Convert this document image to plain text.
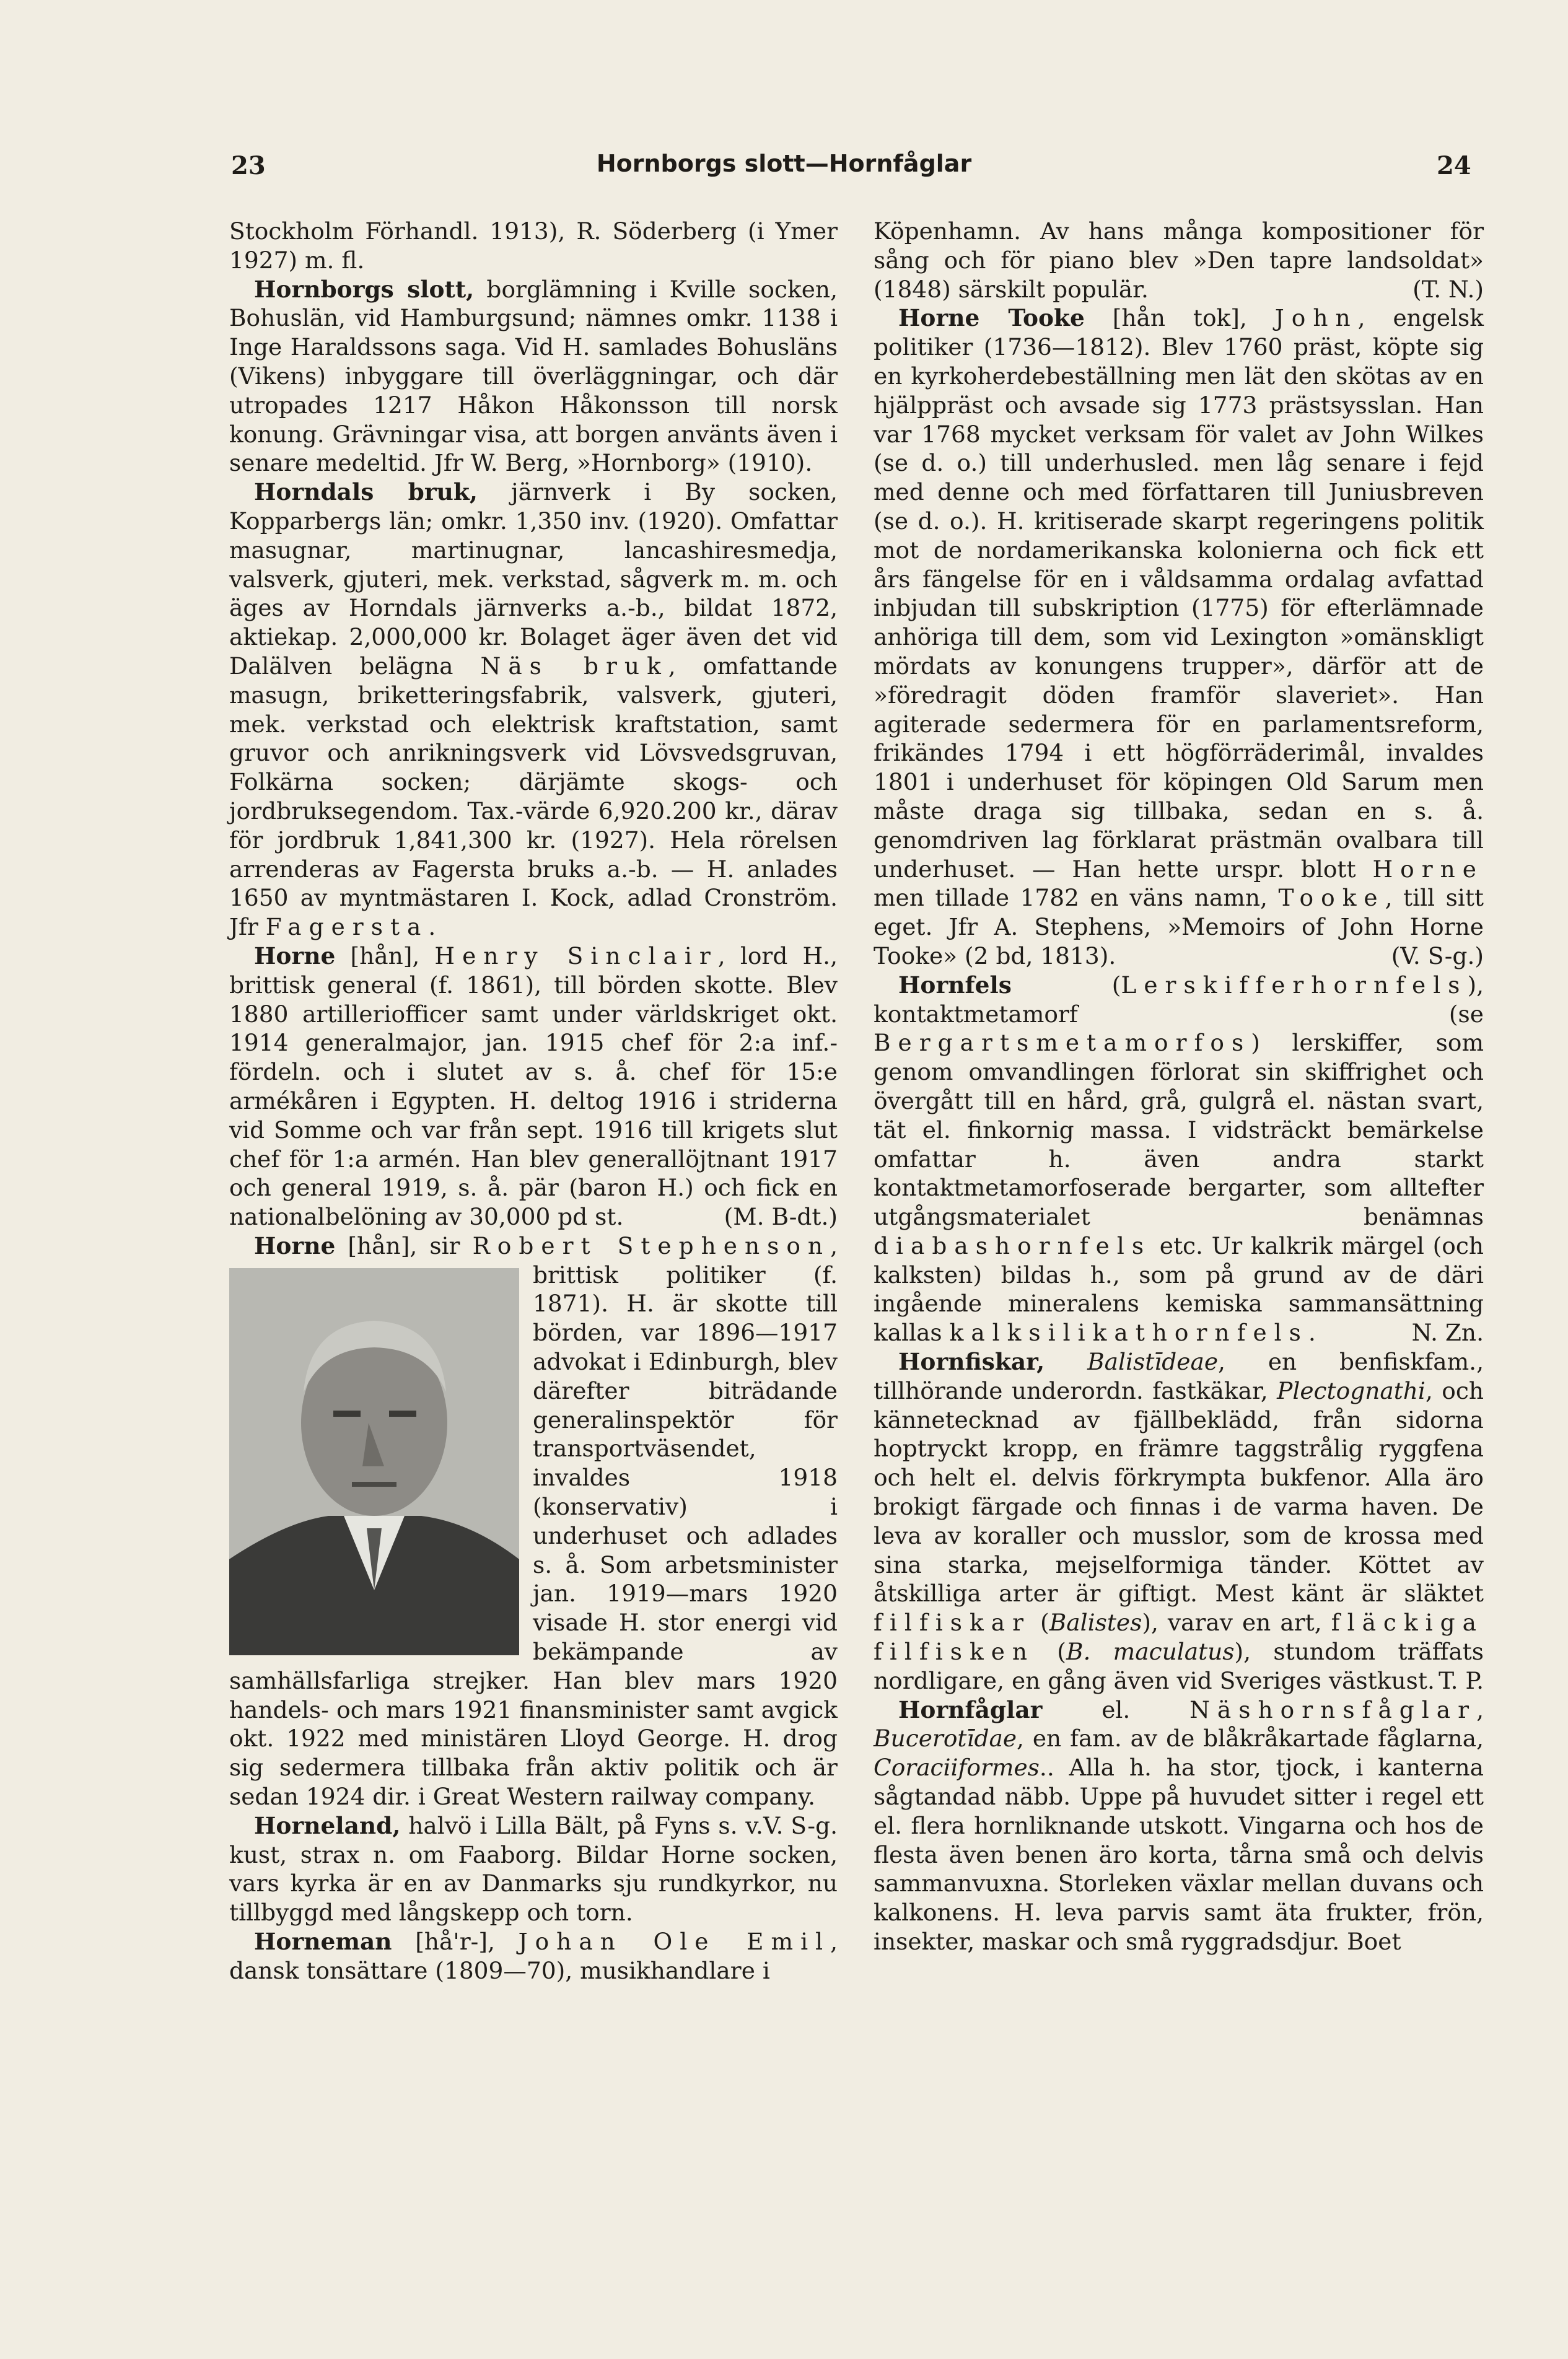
23	Hornborgs slott—Hornfåglar	24

Stockholm Förhandl. 1913), R. Söderberg (i Ymer 1927) m. fl.

Hornborgs slott, borglämning i Kville socken, Bohuslän, vid Hamburgsund; nämnes omkr. 1138 i Inge Haraldssons saga. Vid H. samlades Bohusläns (Vikens) inbyggare till överläggningar, och där utropades 1217 Håkon Håkonsson till norsk konung. Grävningar visa, att borgen använts även i senare medeltid. Jfr W. Berg, »Hornborg» (1910).

Horndals bruk, järnverk i By socken, Kopparbergs län; omkr. 1,350 inv. (1920). Omfattar masugnar, martinugnar, lancashiresmedja, valsverk, gjuteri, mek. verkstad, sågverk m. m. och äges av Horndals järnverks a.-b., bildat 1872, aktiekap. 2,000,000 kr. Bolaget äger även det vid Dalälven belägna Näs bruk, omfattande masugn, briketteringsfabrik, valsverk, gjuteri, mek. verkstad och elektrisk kraftstation, samt gruvor och anrikningsverk vid Lövsvedsgruvan, Folkärna socken; därjämte skogs- och jordbruksegendom. Tax.-värde 6,920.200 kr., därav för jordbruk 1,841,300 kr. (1927). Hela rörelsen arrenderas av Fagersta bruks a.-b. — H. anlades 1650 av myntmästaren I. Kock, adlad Cronström. Jfr Fagersta.

Horne [hån], Henry Sinclair, lord H., brittisk general (f. 1861), till börden skotte. Blev 1880 artilleriofficer samt under världskriget okt. 1914 generalmajor, jan. 1915 chef för 2:a inf.-fördeln. och i slutet av s. å. chef för 15:e armékåren i Egypten. H. deltog 1916 i striderna vid Somme och var från sept. 1916 till krigets slut chef för 1:a armén. Han blev generallöjtnant 1917 och general 1919, s. å. pär (baron H.) och fick en nationalbelöning av 30,000 pd st.	(M. B-dt.)

Horne [hån], sir Robert Stephenson
, brittisk politiker (f. 1871). H. är skotte till börden, var 1896—1917 advokat i Edinburgh, blev därefter biträdande generalinspektör för transportväsendet, invaldes 1918 (konservativ) i underhuset och adlades s. å. Som arbetsminister jan. 1919—mars 1920 visade H. stor energi vid bekämpande av samhällsfarliga strejker. Han blev mars 1920 handels- och mars 1921 finansminister samt avgick okt. 1922 med ministären Lloyd George. H. drog sig sedermera tillbaka från aktiv politik och är sedan 1924 dir. i Great Western railway company.
V. S-g.

Horneland, halvö i Lilla Bält, på Fyns s. v. kust, strax n. om Faaborg. Bildar Horne socken, vars kyrka är en av Danmarks sju rundkyrkor, nu tillbyggd med långskepp och torn.

Horneman [hå'r-], Johan Ole Emil, dansk tonsättare (1809—70), musikhandlare i

Köpenhamn. Av hans många kompositioner för sång och för piano blev »Den tapre landsoldat» (1848) särskilt populär.	(T. N.)

Horne Tooke [hån tok], John, engelsk politiker (1736—1812). Blev 1760 präst, köpte sig en kyrkoherdebeställning men lät den skötas av en hjälppräst och avsade sig 1773 prästsysslan. Han var 1768 mycket verksam för valet av John Wilkes (se d. o.) till underhusled. men låg senare i fejd med denne och med författaren till Juniusbreven (se d. o.). H. kritiserade skarpt regeringens politik mot de nordamerikanska kolonierna och fick ett års fängelse för en i våldsamma ordalag avfattad inbjudan till subskription (1775) för efterlämnade anhöriga till dem, som vid Lexington »omänskligt mördats av konungens trupper», därför att de »föredragit döden framför slaveriet». Han agiterade sedermera för en parlamentsreform, frikändes 1794 i ett högförräderimål, invaldes 1801 i underhuset för köpingen Old Sarum men måste draga sig tillbaka, sedan en s. å. genomdriven lag förklarat prästmän ovalbara till underhuset. — Han hette urspr. blott Horne men tillade 1782 en väns namn, Tooke, till sitt eget. Jfr A. Stephens, »Memoirs of John Horne Tooke» (2 bd, 1813).	(V. S-g.)

Hornfels (Lerskifferhornfels), kontaktmetamorf (se Bergartsmetamorfos) lerskiffer, som genom omvandlingen förlorat sin skiffrighet och övergått till en hård, grå, gulgrå el. nästan svart, tät el. finkornig massa. I vidsträckt bemärkelse omfattar h. även andra starkt kontaktmetamorfoserade bergarter, som alltefter utgångsmaterialet benämnas diabashornfels etc. Ur kalkrik märgel (och kalksten) bildas h., som på grund av de däri ingående mineralens kemiska sammansättning kallas kalksilikathornfels.	N. Zn.

Hornfiskar, Balistīdeae, en benfiskfam., tillhörande underordn. fastkäkar, Plectognathi, och kännetecknad av fjällbeklädd, från sidorna hoptryckt kropp, en främre taggstrålig ryggfena och helt el. delvis förkrympta bukfenor. Alla äro brokigt färgade och finnas i de varma haven. De leva av koraller och musslor, som de krossa med sina starka, mejselformiga tänder. Köttet av åtskilliga arter är giftigt. Mest känt är släktet filfiskar (Balistes), varav en art, fläckiga filfisken (B. maculatus), stundom träffats nordligare, en gång även vid Sveriges västkust. T. P.

Hornfåglar el. Näshornsfåglar, Bucerotīdae, en fam. av de blåkråkartade fåglarna, Coraciiformes.. Alla h. ha stor, tjock, i kanterna sågtandad näbb. Uppe på huvudet sitter i regel ett el. flera hornliknande utskott. Vingarna och hos de flesta även benen äro korta, tårna små och delvis sammanvuxna. Storleken växlar mellan duvans och kalkonens. H. leva parvis samt äta frukter, frön, insekter, maskar och små ryggradsdjur. Boet
